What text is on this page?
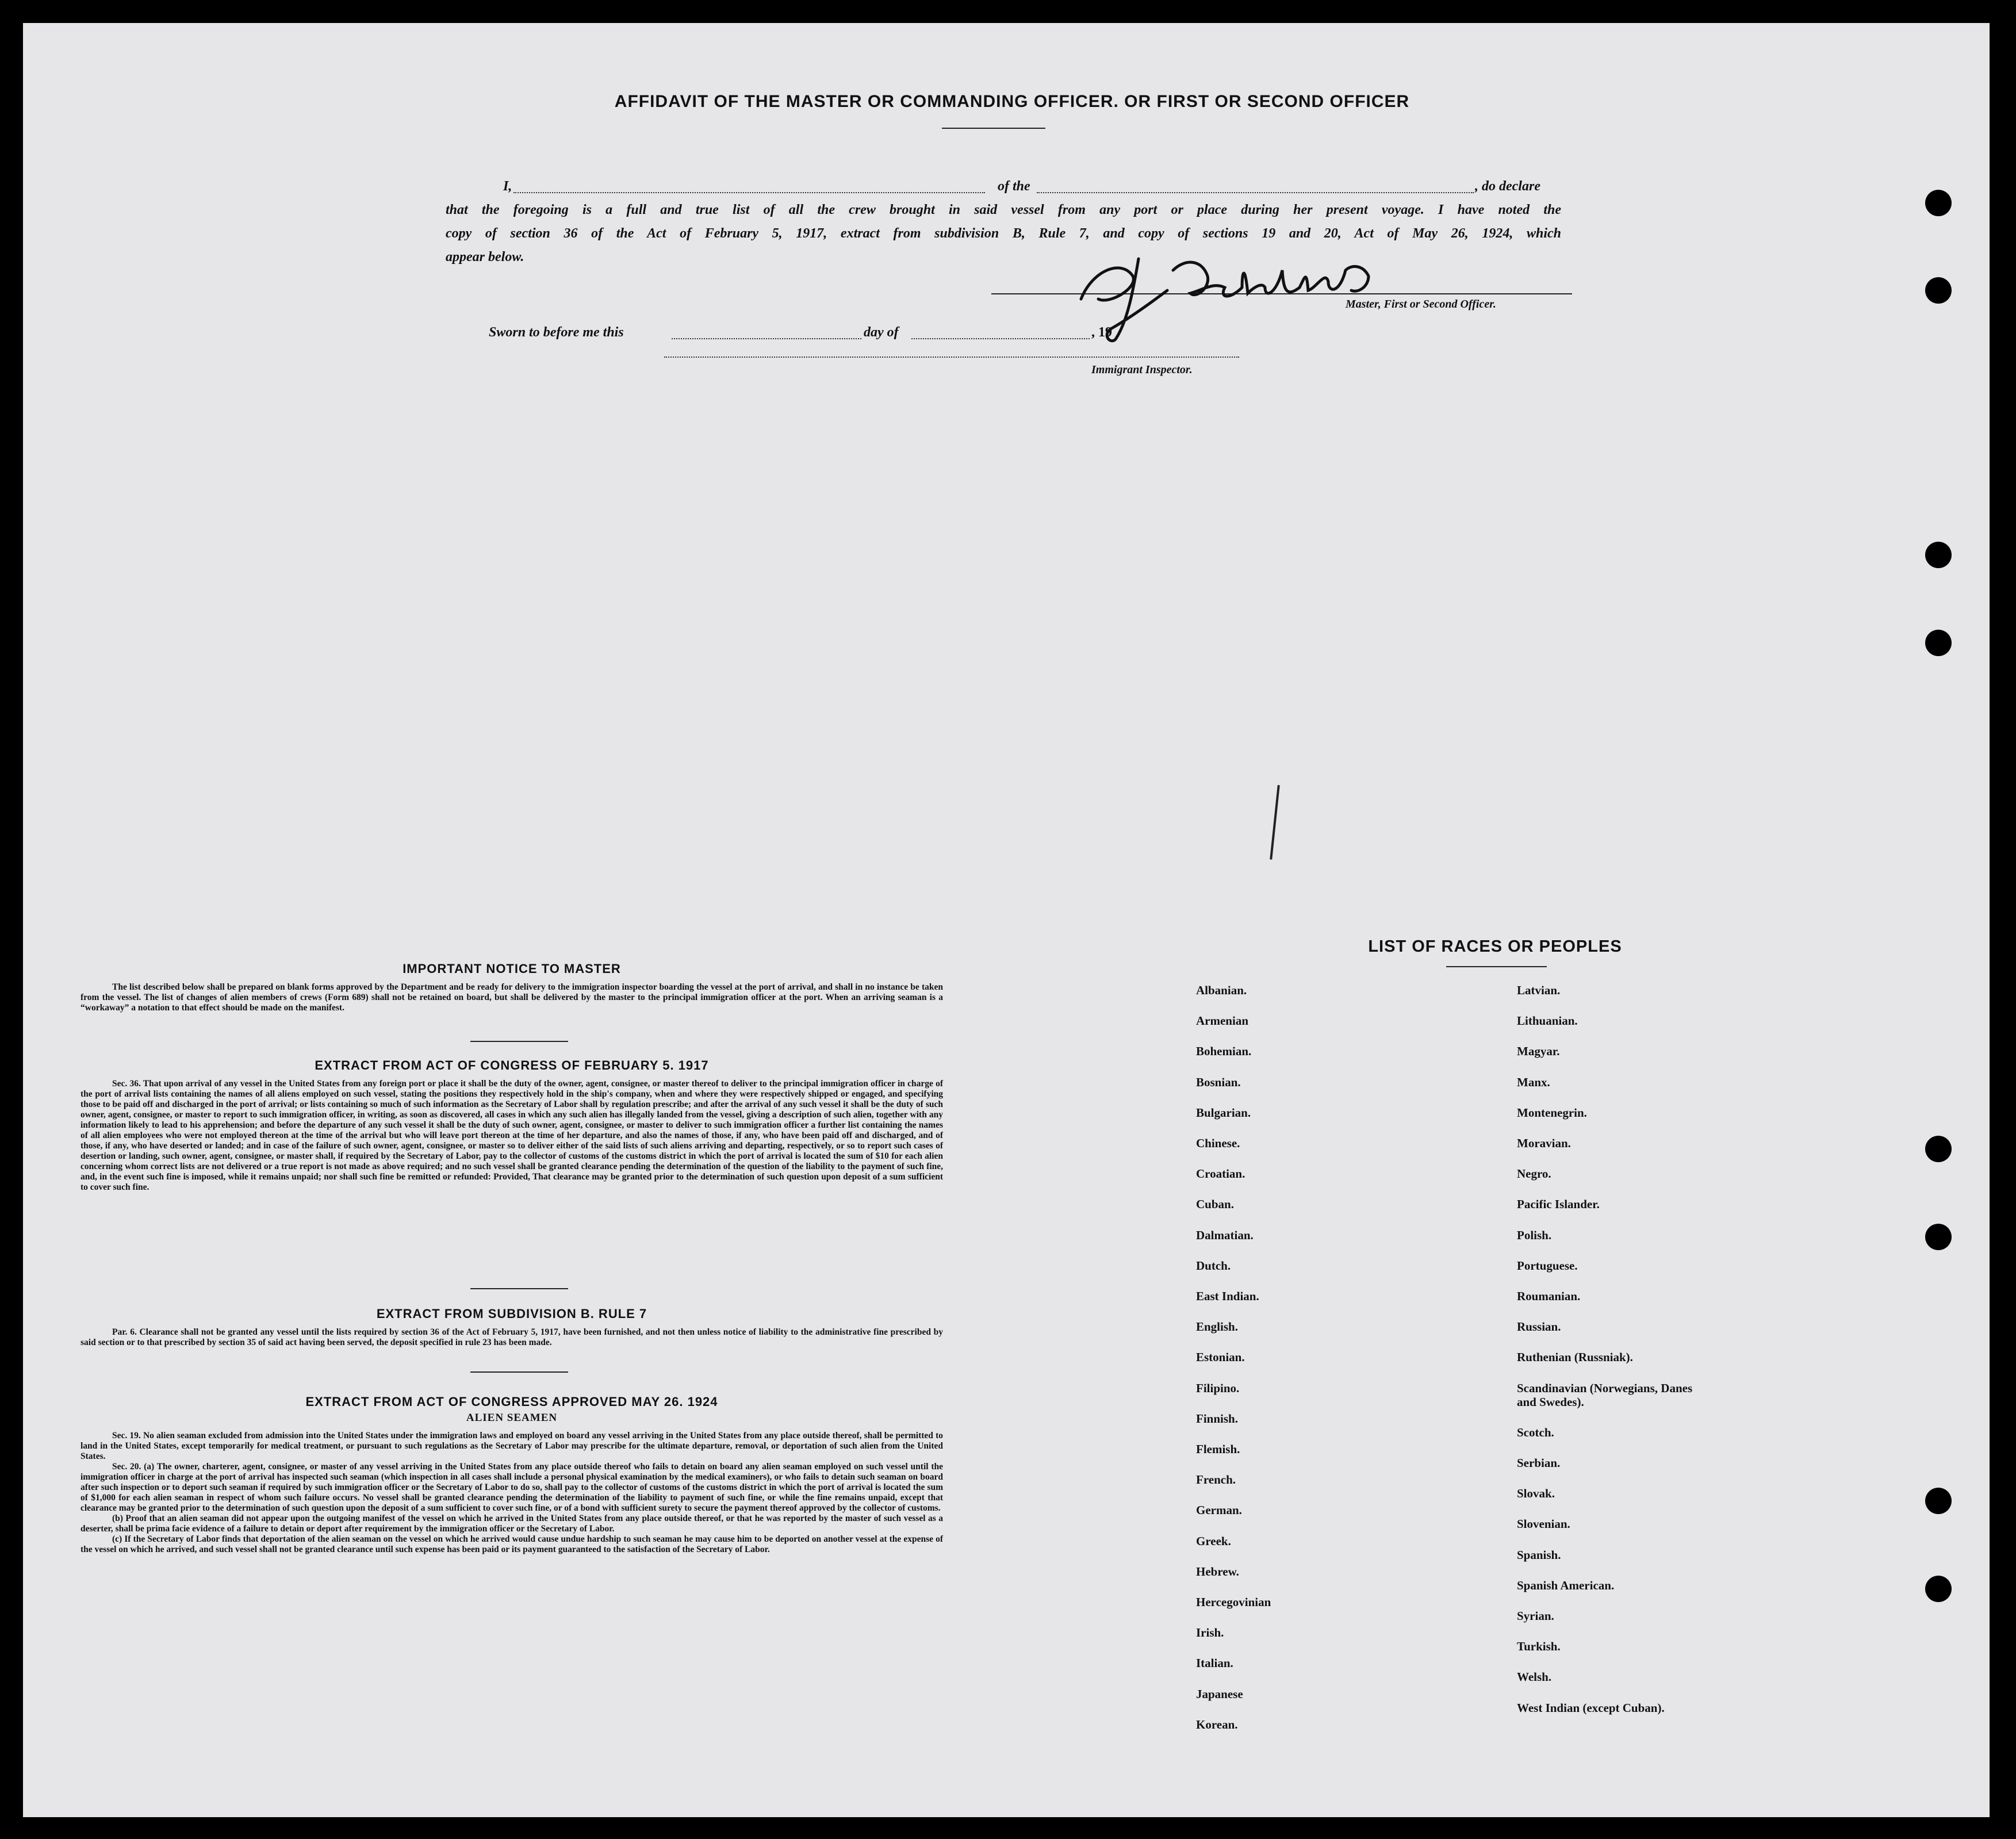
AFFIDAVIT OF THE MASTER OR COMMANDING OFFICER. OR FIRST OR SECOND OFFICER
I,	of the	, do declare
that the foregoing is a full and true list of all the crew brought in said vessel from any port or place during her present voyage. I have noted the
copy of section 36 of the Act of February 5, 1917, extract from subdivision B, Rule 7, and copy of sections 19 and 20, Act of May 26, 1924, which
appear below.
Master, First or Second Officer.
Sworn to before me this	day of	, 19
Immigrant Inspector.
IMPORTANT NOTICE TO MASTER

The list described below shall be prepared on blank forms approved by the Department and be ready for delivery to the immigration inspector boarding the vessel at the port of arrival, and shall in no instance be taken from the vessel. The list of changes of alien members of crews (Form 689) shall not be retained on board, but shall be delivered by the master to the principal immigration officer at the port. When an arriving seaman is a “workaway” a notation to that effect should be made on the manifest.

EXTRACT FROM ACT OF CONGRESS OF FEBRUARY 5. 1917

Sec. 36. That upon arrival of any vessel in the United States from any foreign port or place it shall be the duty of the owner, agent, consignee, or master thereof to deliver to the principal immigration officer in charge of the port of arrival lists containing the names of all aliens employed on such vessel, stating the positions they respectively hold in the ship's company, when and where they were respectively shipped or engaged, and specifying those to be paid off and discharged in the port of arrival; or lists containing so much of such information as the Secretary of Labor shall by regulation prescribe; and after the arrival of any such vessel it shall be the duty of such owner, agent, consignee, or master to report to such immigration officer, in writing, as soon as discovered, all cases in which any such alien has illegally landed from the vessel, giving a description of such alien, together with any information likely to lead to his apprehension; and before the departure of any such vessel it shall be the duty of such owner, agent, consignee, or master to deliver to such immigration officer a further list containing the names of all alien employees who were not employed thereon at the time of the arrival but who will leave port thereon at the time of her departure, and also the names of those, if any, who have been paid off and discharged, and of those, if any, who have deserted or landed; and in case of the failure of such owner, agent, consignee, or master so to deliver either of the said lists of such aliens arriving and departing, respectively, or so to report such cases of desertion or landing, such owner, agent, consignee, or master shall, if required by the Secretary of Labor, pay to the collector of customs of the customs district in which the port of arrival is located the sum of $10 for each alien concerning whom correct lists are not delivered or a true report is not made as above required; and no such vessel shall be granted clearance pending the determination of the question of the liability to the payment of such fine, and, in the event such fine is imposed, while it remains unpaid; nor shall such fine be remitted or refunded: Provided, That clearance may be granted prior to the determination of such question upon deposit of a sum sufficient to cover such fine.

EXTRACT FROM SUBDIVISION B. RULE 7

Par. 6. Clearance shall not be granted any vessel until the lists required by section 36 of the Act of February 5, 1917, have been furnished, and not then unless notice of liability to the administrative fine prescribed by said section or to that prescribed by section 35 of said act having been served, the deposit specified in rule 23 has been made.

EXTRACT FROM ACT OF CONGRESS APPROVED MAY 26. 1924
ALIEN SEAMEN

Sec. 19. No alien seaman excluded from admission into the United States under the immigration laws and employed on board any vessel arriving in the United States from any place outside thereof, shall be permitted to land in the United States, except temporarily for medical treatment, or pursuant to such regulations as the Secretary of Labor may prescribe for the ultimate departure, removal, or deportation of such alien from the United States.

Sec. 20. (a) The owner, charterer, agent, consignee, or master of any vessel arriving in the United States from any place outside thereof who fails to detain on board any alien seaman employed on such vessel until the immigration officer in charge at the port of arrival has inspected such seaman (which inspection in all cases shall include a personal physical examination by the medical examiners), or who fails to detain such seaman on board after such inspection or to deport such seaman if required by such immigration officer or the Secretary of Labor to do so, shall pay to the collector of customs of the customs district in which the port of arrival is located the sum of $1,000 for each alien seaman in respect of whom such failure occurs. No vessel shall be granted clearance pending the determination of the liability to payment of such fine, or while the fine remains unpaid, except that clearance may be granted prior to the determination of such question upon the deposit of a sum sufficient to cover such fine, or of a bond with sufficient surety to secure the payment thereof approved by the collector of customs.

(b) Proof that an alien seaman did not appear upon the outgoing manifest of the vessel on which he arrived in the United States from any place outside thereof, or that he was reported by the master of such vessel as a deserter, shall be prima facie evidence of a failure to detain or deport after requirement by the immigration officer or the Secretary of Labor.

(c) If the Secretary of Labor finds that deportation of the alien seaman on the vessel on which he arrived would cause undue hardship to such seaman he may cause him to be deported on another vessel at the expense of the vessel on which he arrived, and such vessel shall not be granted clearance until such expense has been paid or its payment guaranteed to the satisfaction of the Secretary of Labor.

LIST OF RACES OR PEOPLES
Albanian.
Armenian
Bohemian.
Bosnian.
Bulgarian.
Chinese.
Croatian.
Cuban.
Dalmatian.
Dutch.
East Indian.
English.
Estonian.
Filipino.
Finnish.
Flemish.
French.
German.
Greek.
Hebrew.
Hercegovinian
Irish.
Italian.
Japanese
Korean.
Latvian.
Lithuanian.
Magyar.
Manx.
Montenegrin.
Moravian.
Negro.
Pacific Islander.
Polish.
Portuguese.
Roumanian.
Russian.
Ruthenian (Russniak).
Scandinavian (Norwegians, Danes and Swedes).
Scotch.
Serbian.
Slovak.
Slovenian.
Spanish.
Spanish American.
Syrian.
Turkish.
Welsh.
West Indian (except Cuban).
